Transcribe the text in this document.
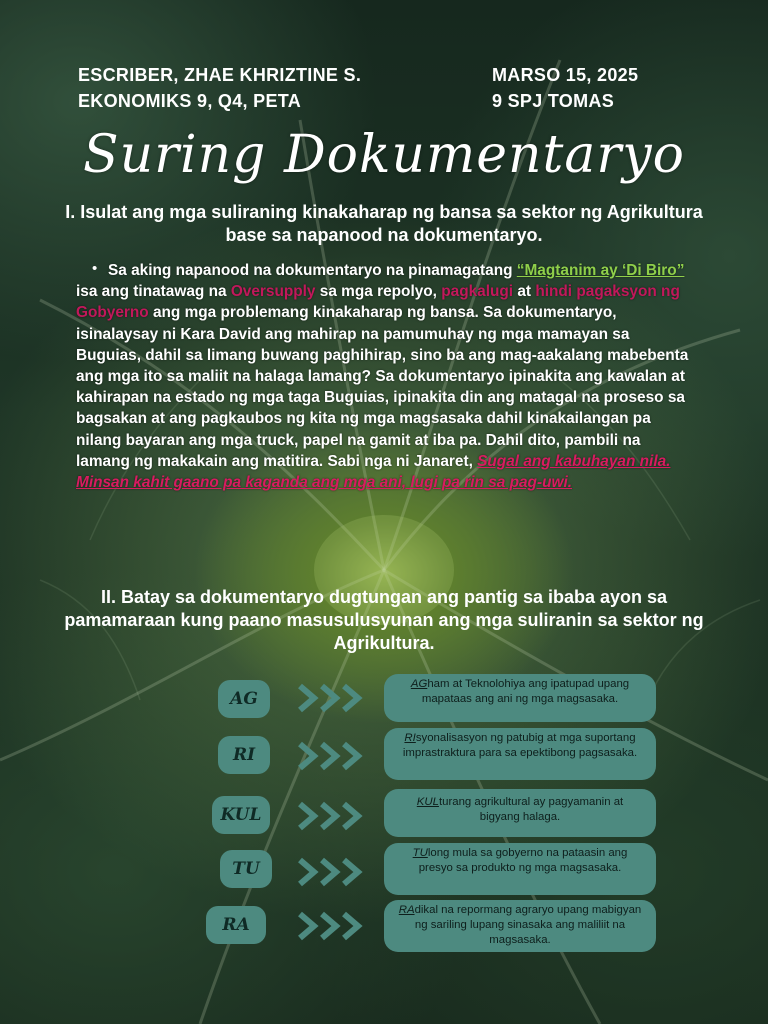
ESCRIBER, ZHAE KHRIZTINE S.
EKONOMIKS 9, Q4, PETA
MARSO 15, 2025
9 SPJ TOMAS
Suring Dokumentaryo
I. Isulat ang mga suliraning kinakaharap ng bansa sa sektor ng Agrikultura base sa napanood na dokumentaryo.
• Sa aking napanood na dokumentaryo na pinamagatang “Magtanim ay ‘Di Biro” isa ang tinatawag na Oversupply sa mga repolyo, pagkalugi at hindi pagaksyon ng Gobyerno ang mga problemang kinakaharap ng bansa. Sa dokumentaryo, isinalaysay ni Kara David ang mahirap na pamumuhay ng mga mamayan sa Buguias, dahil sa limang buwang paghihirap, sino ba ang mag-aakalang mabebenta ang mga ito sa maliit na halaga lamang? Sa dokumentaryo ipinakita ang kawalan at kahirapan na estado ng mga taga Buguias, ipinakita din ang matagal na proseso sa bagsakan at ang pagkaubos ng kita ng mga magsasaka dahil kinakailangan pa nilang bayaran ang mga truck, papel na gamit at iba pa. Dahil dito, pambili na lamang ng makakain ang matitira. Sabi nga ni Janaret, Sugal ang kabuhayan nila. Minsan kahit gaano pa kaganda ang mga ani, lugi pa rin sa pag-uwi.
II. Batay sa dokumentaryo dugtungan ang pantig sa ibaba ayon sa pamamaraan kung paano masusulusyunan ang mga suliranin sa sektor ng Agrikultura.
AG
AGham at Teknolohiya ang ipatupad upang mapataas ang ani ng mga magsasaka.
RI
RIsyonalisasyon ng patubig at mga suportang imprastraktura para sa epektibong pagsasaka.
KUL
KULturang agrikultural ay pagyamanin at bigyang halaga.
TU
TUlong mula sa gobyerno na pataasin ang presyo sa produkto ng mga magsasaka.
RA
RAdikal na repormang agraryo upang mabigyan ng sariling lupang sinasaka ang maliliit na magsasaka.
